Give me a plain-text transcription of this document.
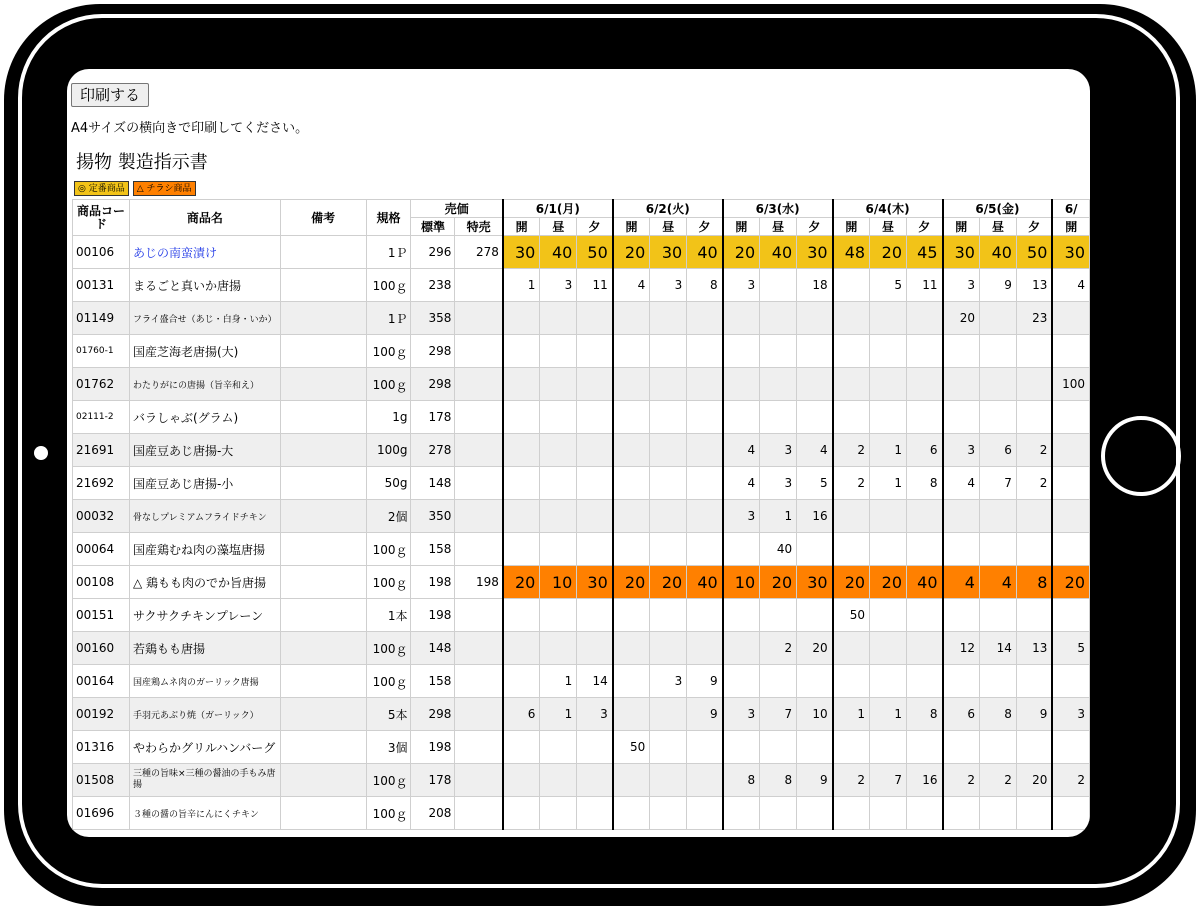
印刷する
A4サイズの横向きで印刷してください。
揚物 製造指示書
◎ 定番商品	△ チラシ商品
商品コード	商品名	備考	規格	売価		6/1(月)			6/2(火)			6/3(水)			6/4(木)			6/5(金)			6/
				標準	特売	開	昼	夕	開	昼	夕	開	昼	夕	開	昼	夕	開	昼	夕	開
00106	あじの南蛮漬け		1Ｐ	296	278	30	40	50	20	30	40	20	40	30	48	20	45	30	40	50	30
00131	まるごと真いか唐揚		100ｇ	238		1	3	11	4	3	8	3		18		5	11	3	9	13	4
01149	フライ盛合せ（あじ・白身・いか）		1Ｐ	358														20		23	
01760-1	国産芝海老唐揚(大)		100ｇ	298																	
01762	わたりがにの唐揚（旨辛和え）		100ｇ	298																	100
02111-2	バラしゃぶ(グラム)		1g	178																	
21691	国産豆あじ唐揚-大		100g	278								4	3	4	2	1	6	3	6	2	
21692	国産豆あじ唐揚-小		50g	148								4	3	5	2	1	8	4	7	2	
00032	骨なしプレミアムフライドチキン		2個	350								3	1	16							
00064	国産鶏むね肉の藻塩唐揚		100ｇ	158									40								
00108	△ 鶏もも肉のでか旨唐揚		100ｇ	198	198	20	10	30	20	20	40	10	20	30	20	20	40	4	4	8	20
00151	サクサクチキンプレーン		1本	198											50						
00160	若鶏もも唐揚		100ｇ	148									2	20				12	14	13	5
00164	国産鶏ムネ肉のガーリック唐揚		100ｇ	158			1	14		3	9										
00192	手羽元あぶり焼（ガーリック）		5本	298		6	1	3			9	3	7	10	1	1	8	6	8	9	3
01316	やわらかグリルハンバーグ		3個	198					50												
01508	三種の旨味×三種の醤油の手もみ唐揚		100ｇ	178								8	8	9	2	7	16	2	2	20	2
01696	３種の醤の旨辛にんにくチキン		100ｇ	208																	
